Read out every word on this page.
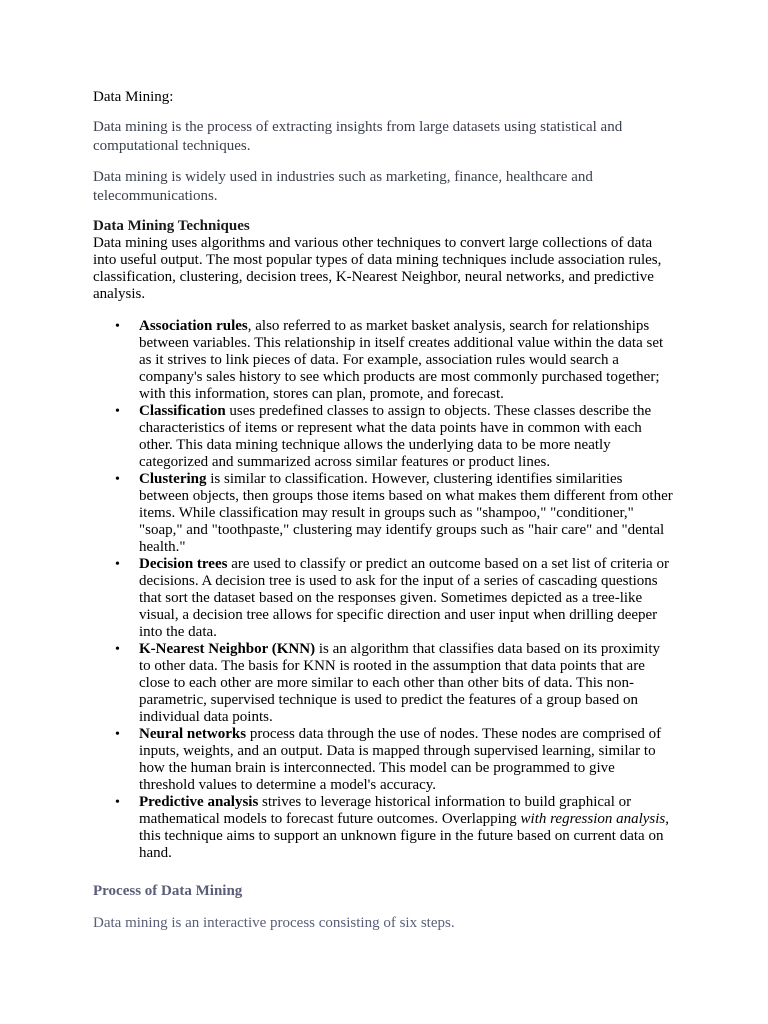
Data Mining:

Data mining is the process of extracting insights from large datasets using statistical and computational techniques.

Data mining is widely used in industries such as marketing, finance, healthcare and telecommunications.

Data Mining Techniques

Data mining uses algorithms and various other techniques to convert large collections of data into useful output. The most popular types of data mining techniques include association rules, classification, clustering, decision trees, K-Nearest Neighbor, neural networks, and predictive analysis.

•	Association rules, also referred to as market basket analysis, search for relationships between variables. This relationship in itself creates additional value within the data set as it strives to link pieces of data. For example, association rules would search a company's sales history to see which products are most commonly purchased together; with this information, stores can plan, promote, and forecast.
•	Classification uses predefined classes to assign to objects. These classes describe the characteristics of items or represent what the data points have in common with each other. This data mining technique allows the underlying data to be more neatly categorized and summarized across similar features or product lines.
•	Clustering is similar to classification. However, clustering identifies similarities between objects, then groups those items based on what makes them different from other items. While classification may result in groups such as "shampoo," "conditioner," "soap," and "toothpaste," clustering may identify groups such as "hair care" and "dental health."
•	Decision trees are used to classify or predict an outcome based on a set list of criteria or decisions. A decision tree is used to ask for the input of a series of cascading questions that sort the dataset based on the responses given. Sometimes depicted as a tree-like visual, a decision tree allows for specific direction and user input when drilling deeper into the data.
•	K-Nearest Neighbor (KNN) is an algorithm that classifies data based on its proximity to other data. The basis for KNN is rooted in the assumption that data points that are close to each other are more similar to each other than other bits of data. This non-parametric, supervised technique is used to predict the features of a group based on individual data points.
•	Neural networks process data through the use of nodes. These nodes are comprised of inputs, weights, and an output. Data is mapped through supervised learning, similar to how the human brain is interconnected. This model can be programmed to give threshold values to determine a model's accuracy.
•	Predictive analysis strives to leverage historical information to build graphical or mathematical models to forecast future outcomes. Overlapping with regression analysis, this technique aims to support an unknown figure in the future based on current data on hand.

Process of Data Mining

Data mining is an interactive process consisting of six steps.
